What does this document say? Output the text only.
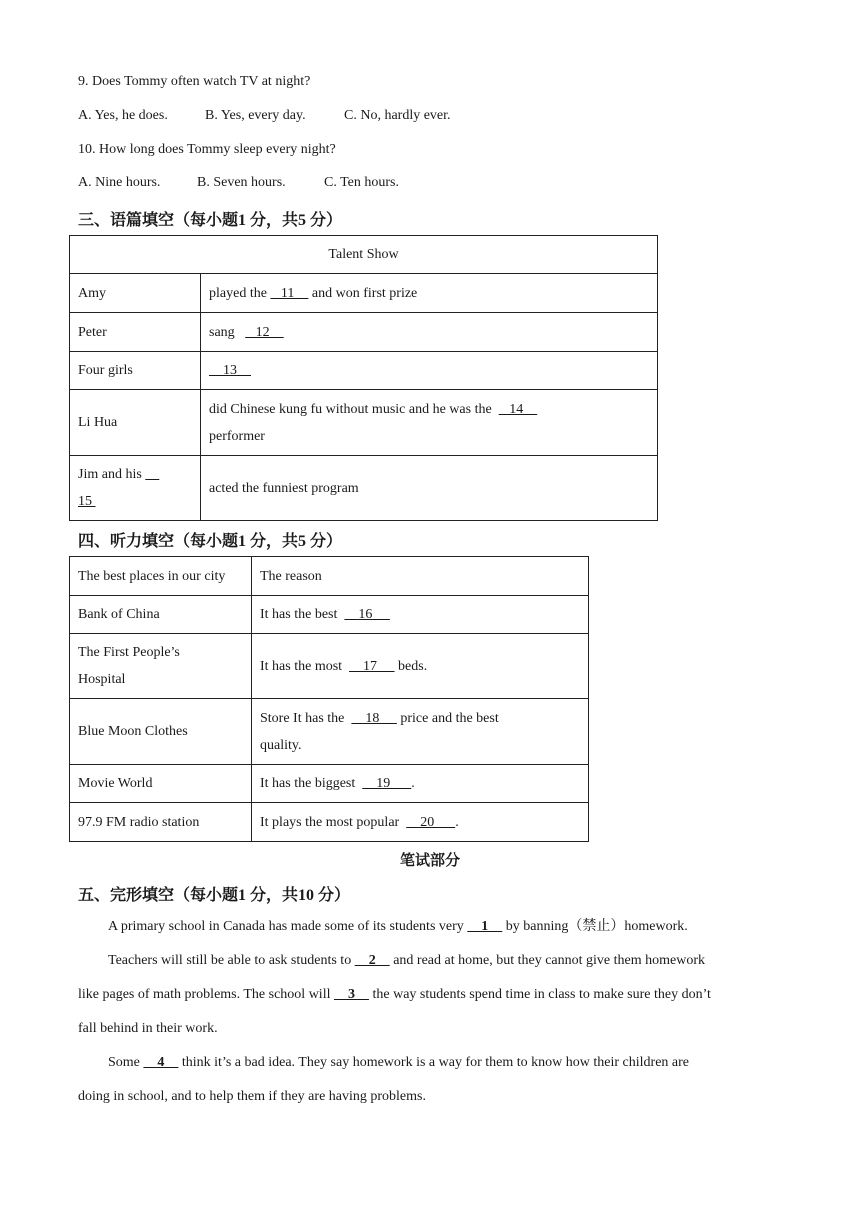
9. Does Tommy often watch TV at night?
A. Yes, he does.	B. Yes, every day.	C. No, hardly ever.
10. How long does Tommy sleep every night?
A. Nine hours.	B. Seven hours.	C. Ten hours.
三、语篇填空（每小题1 分，共5 分）
Talent Show	
Amy	played the    11     and won first prize
Peter	sang      12
Four girls	13
Li Hua	did Chinese kung fu without music and he was the     14
performer
Jim and his
15	acted the funniest program
四、听力填空（每小题1 分，共5 分）
The best places in our city	The reason
Bank of China	It has the best      16
The First People’s
Hospital	It has the most      17      beds.
Blue Moon Clothes	Store It has the      18      price and the best
quality.
Movie World	It has the biggest      19      .
97.9 FM radio station	It plays the most popular      20      .
笔试部分
五、完形填空（每小题1 分，共10 分）
A primary school in Canada has made some of its students very     1     by banning（禁止）homework.
Teachers will still be able to ask students to     2     and read at home, but they cannot give them homework
like pages of math problems. The school will     3     the way students spend time in class to make sure they don’t
fall behind in their work.
Some     4     think it’s a bad idea. They say homework is a way for them to know how their children are
doing in school, and to help them if they are having problems.
